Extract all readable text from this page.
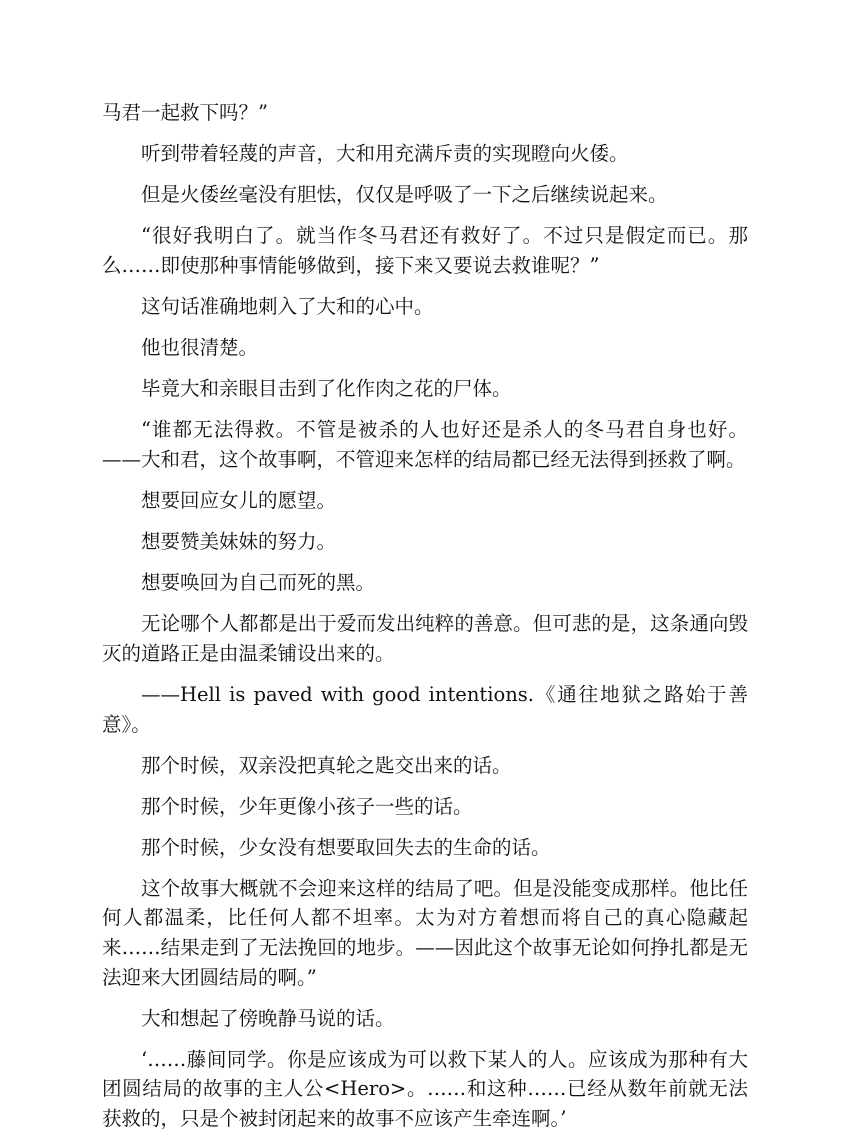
马君一起救下吗？”

听到带着轻蔑的声音，大和用充满斥责的实现瞪向火倭。

但是火倭丝毫没有胆怯，仅仅是呼吸了一下之后继续说起来。

“很好我明白了。就当作冬马君还有救好了。不过只是假定而已。那么……即使那种事情能够做到，接下来又要说去救谁呢？”

这句话准确地刺入了大和的心中。

他也很清楚。

毕竟大和亲眼目击到了化作肉之花的尸体。

“谁都无法得救。不管是被杀的人也好还是杀人的冬马君自身也好。——大和君，这个故事啊，不管迎来怎样的结局都已经无法得到拯救了啊。

想要回应女儿的愿望。

想要赞美妹妹的努力。

想要唤回为自己而死的黑。

无论哪个人都都是出于爱而发出纯粹的善意。但可悲的是，这条通向毁灭的道路正是由温柔铺设出来的。

——Hell is paved with good intentions.《通往地狱之路始于善意》。

那个时候，双亲没把真轮之匙交出来的话。

那个时候，少年更像小孩子一些的话。

那个时候，少女没有想要取回失去的生命的话。

这个故事大概就不会迎来这样的结局了吧。但是没能变成那样。他比任何人都温柔，比任何人都不坦率。太为对方着想而将自己的真心隐藏起来……结果走到了无法挽回的地步。——因此这个故事无论如何挣扎都是无法迎来大团圆结局的啊。”

大和想起了傍晚静马说的话。

‘……藤间同学。你是应该成为可以救下某人的人。应该成为那种有大团圆结局的故事的主人公<Hero>。……和这种……已经从数年前就无法获救的，只是个被封闭起来的故事不应该产生牵连啊。’
